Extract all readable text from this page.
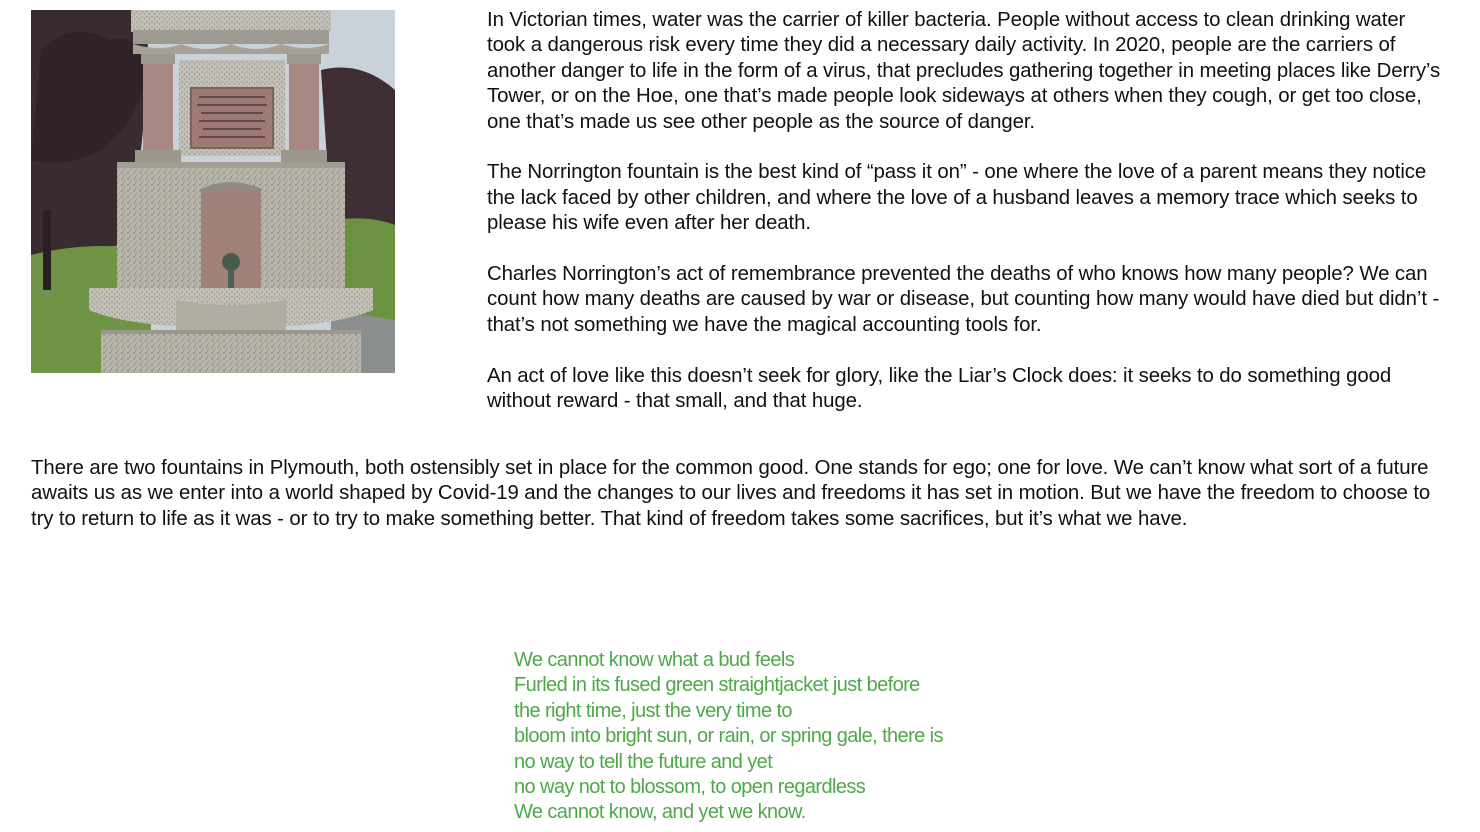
In Victorian times, water was the carrier of killer bacteria. People without access to clean drinking water took a dangerous risk every time they did a necessary daily activity. In 2020, people are the carriers of another danger to life in the form of a virus, that precludes gathering together in meeting places like Derry’s Tower, or on the Hoe, one that’s made people look sideways at others when they cough, or get too close, one that’s made us see other people as the source of danger.

The Norrington fountain is the best kind of “pass it on” - one where the love of a parent means they notice the lack faced by other children, and where the love of a husband leaves a memory trace which seeks to please his wife even after her death.

Charles Norrington’s act of remembrance prevented the deaths of who knows how many people? We can count how many deaths are caused by war or disease, but counting how many would have died but didn’t - that’s not something we have the magical accounting tools for.

An act of love like this doesn’t seek for glory, like the Liar’s Clock does: it seeks to do something good without reward - that small, and that huge.

There are two fountains in Plymouth, both ostensibly set in place for the common good. One stands for ego; one for love. We can’t know what sort of a future awaits us as we enter into a world shaped by Covid-19 and the changes to our lives and freedoms it has set in motion. But we have the freedom to choose to try to return to life as it was - or to try to make something better. That kind of freedom takes some sacrifices, but it’s what we have.

We cannot know what a bud feels
Furled in its fused green straightjacket just before
the right time, just the very time to
bloom into bright sun, or rain, or spring gale, there is
no way to tell the future and yet
no way not to blossom, to open regardless
We cannot know, and yet we know.
